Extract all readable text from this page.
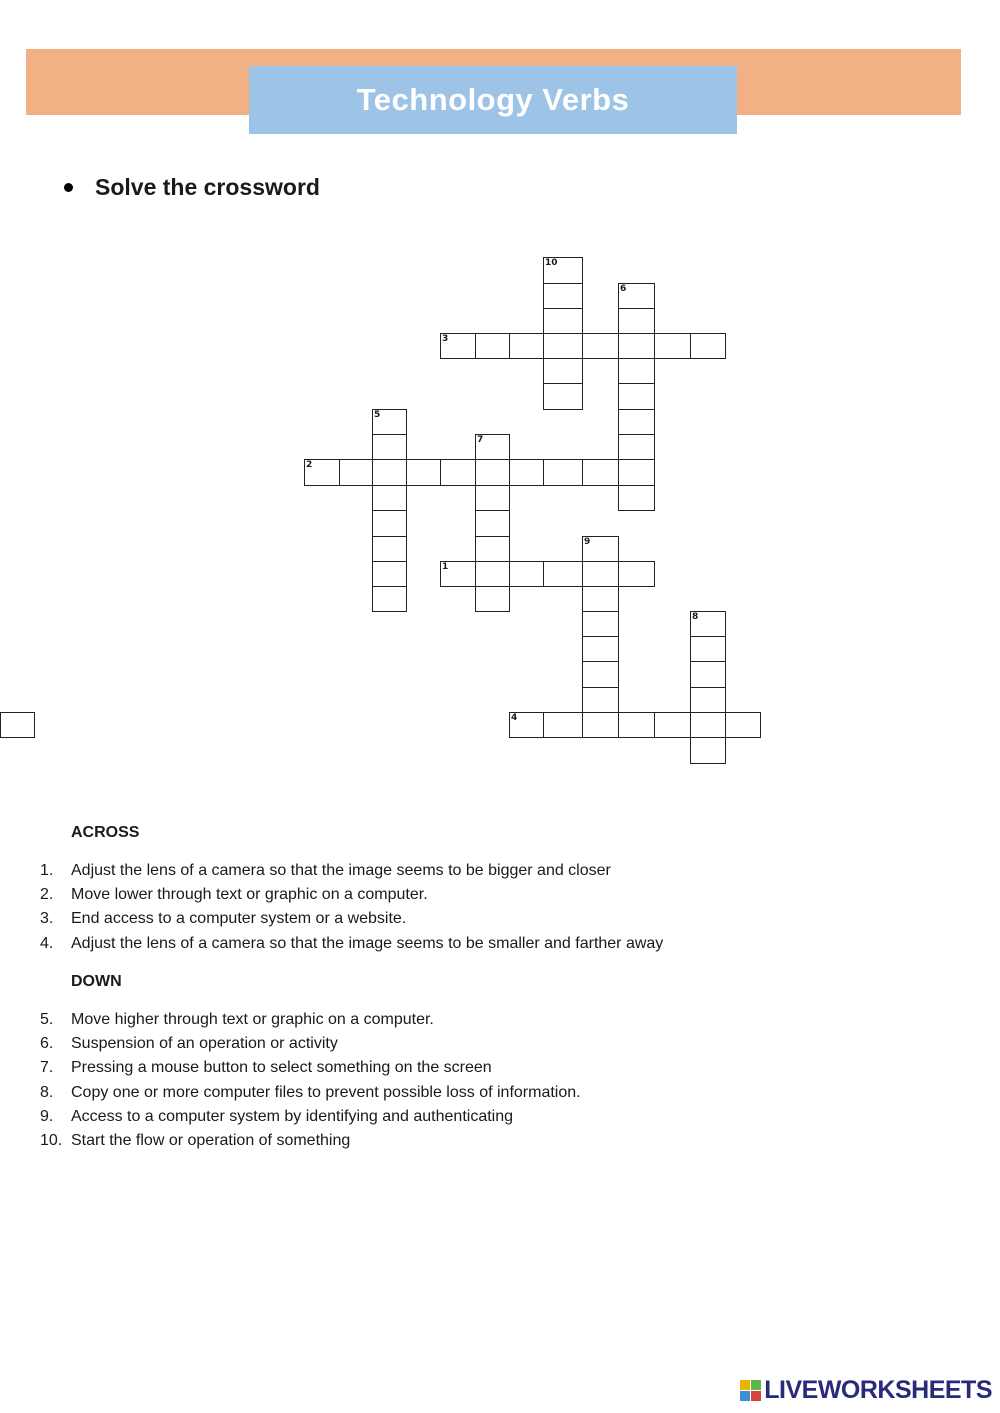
Technology Verbs
Solve the crossword
10
6
3
5
7
2
9
1
8
4
ACROSS
1.	Adjust the lens of a camera so that the image seems to be bigger and closer
2.	Move lower through text or graphic on a computer.
3.	End access to a computer system or a website.
4.	Adjust the lens of a camera so that the image seems to be smaller and farther away
DOWN
5.	Move higher through text or graphic on a computer.
6.	Suspension of an operation or activity
7.	Pressing a mouse button to select something on the screen
8.	Copy one or more computer files to prevent possible loss of information.
9.	Access to a computer system by identifying and authenticating
10. Start the flow or operation of something
LIVEWORKSHEETS
